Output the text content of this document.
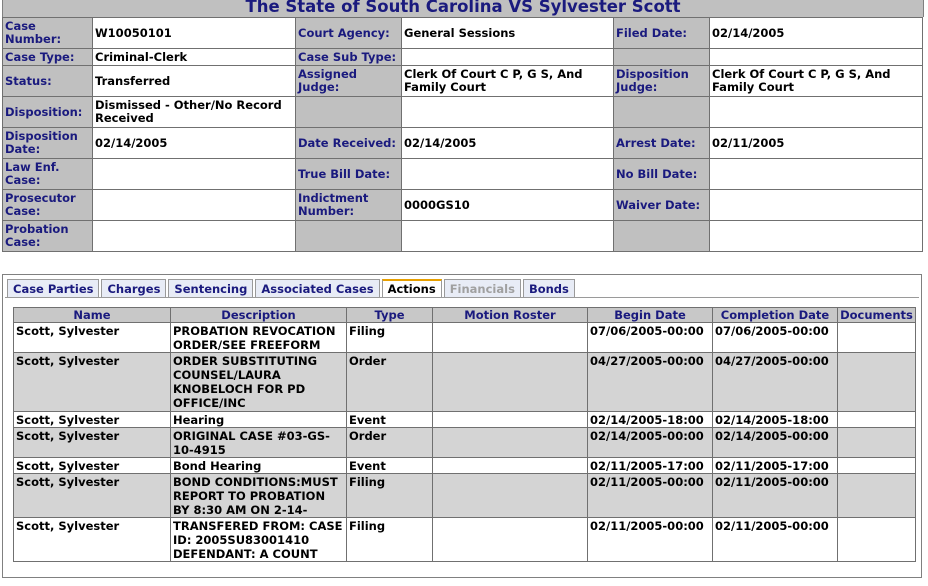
The State of South Carolina VS Sylvester Scott
Case Number:	W10050101	Court Agency:	General Sessions	Filed Date:	02/14/2005
Case Type:	Criminal-Clerk	Case Sub Type:			
Status:	Transferred	Assigned Judge:	Clerk Of Court C P, G S, And Family Court	Disposition Judge:	Clerk Of Court C P, G S, And Family Court
Disposition:	Dismissed - Other/No Record Received				
Disposition Date:	02/14/2005	Date Received:	02/14/2005	Arrest Date:	02/11/2005
Law Enf. Case:		True Bill Date:		No Bill Date:	
Prosecutor Case:		Indictment Number:	0000GS10	Waiver Date:	
Probation Case:					
Case Parties	Charges	Sentencing	Associated Cases	Actions	Financials	Bonds
Name	Description	Type	Motion Roster	Begin Date	Completion Date	Documents
Scott, Sylvester	PROBATION REVOCATION ORDER/SEE FREEFORM	Filing		07/06/2005-00:00	07/06/2005-00:00	
Scott, Sylvester	ORDER SUBSTITUTING COUNSEL/LAURA KNOBELOCH FOR PD OFFICE/INC	Order		04/27/2005-00:00	04/27/2005-00:00	
Scott, Sylvester	Hearing	Event		02/14/2005-18:00	02/14/2005-18:00	
Scott, Sylvester	ORIGINAL CASE #03-GS-10-4915	Order		02/14/2005-00:00	02/14/2005-00:00	
Scott, Sylvester	Bond Hearing	Event		02/11/2005-17:00	02/11/2005-17:00	
Scott, Sylvester	BOND CONDITIONS:MUST REPORT TO PROBATION BY 8:30 AM ON 2-14-	Filing		02/11/2005-00:00	02/11/2005-00:00	
Scott, Sylvester	TRANSFERED FROM: CASE ID: 2005SU83001410 DEFENDANT: A COUNT	Filing		02/11/2005-00:00	02/11/2005-00:00	
